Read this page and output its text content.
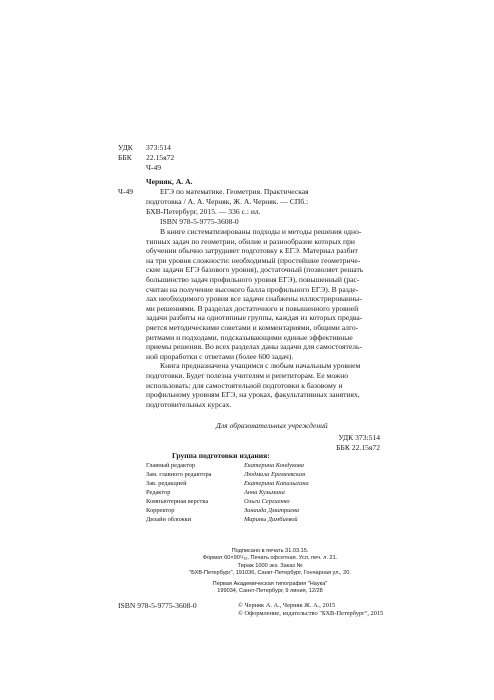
УДК 373:514
ББК 22.15я72
Ч-49
Черняк, А. А.
Ч-49	ЕГЭ по математике. Геометрия. Практическая
подготовка / А. А. Черняк, Ж. А. Черняк. — СПб.:
БХВ-Петербург, 2015. — 336 с.: ил.
ISBN 978-5-9775-3608-0
В книге систематизированы подходы и методы решения одно-
типных задач по геометрии, обилие и разнообразие которых при
обучении обычно затрудняет подготовку к ЕГЭ. Материал разбит
на три уровня сложности: необходимый (простейшие геометриче-
ские задачи ЕГЭ базового уровня), достаточный (позволяет решать
большинство задач профильного уровня ЕГЭ), повышенный (рас-
считан на получение высокого балла профильного ЕГЭ). В разде-
лах необходимого уровня все задачи снабжены иллюстрированны-
ми решениями. В разделах достаточного и повышенного уровней
задачи разбиты на однотипные группы, каждая из которых предва-
ряется методическими советами и комментариями, общими алго-
ритмами и подходами, подсказывающими единые эффективные
приемы решения. Во всех разделах даны задачи для самостоятель-
ной проработки с ответами (более 600 задач).
Книга предназначена учащимся с любым начальным уровнем
подготовки. Будет полезна учителям и репетиторам. Ее можно
использовать: для самостоятельной подготовки к базовому и
профильному уровням ЕГЭ, на уроках, факультативных занятиях,
подготовительных курсах.
Для образовательных учреждений
УДК 373:514
ББК 22.15я72
Группа подготовки издания:
Главный редактор	Екатерина Кондукова
Зам. главного редактора	Людмила Еремеевская
Зав. редакцией	Екатерина Капалыгина
Редактор	Анна Кузьмина
Компьютерная верстка	Ольги Сергиенко
Корректор	Зинаида Дмитриева
Дизайн обложки	Марины Дамбиевой
Подписано в печать 31.03.15.
Формат 60×90¹/₁₆. Печать офсетная. Усл. печ. л. 21.
Тираж 1000 экз. Заказ №
"БХВ-Петербург", 191036, Санкт-Петербург, Гончарная ул., 20.
Первая Академическая типография "Наука"
199034, Санкт-Петербург, 9 линия, 12/28
ISBN 978-5-9775-3608-0	© Черняк А. А., Черняк Ж. А., 2015
© Оформление, издательство "БХВ-Петербург", 2015
